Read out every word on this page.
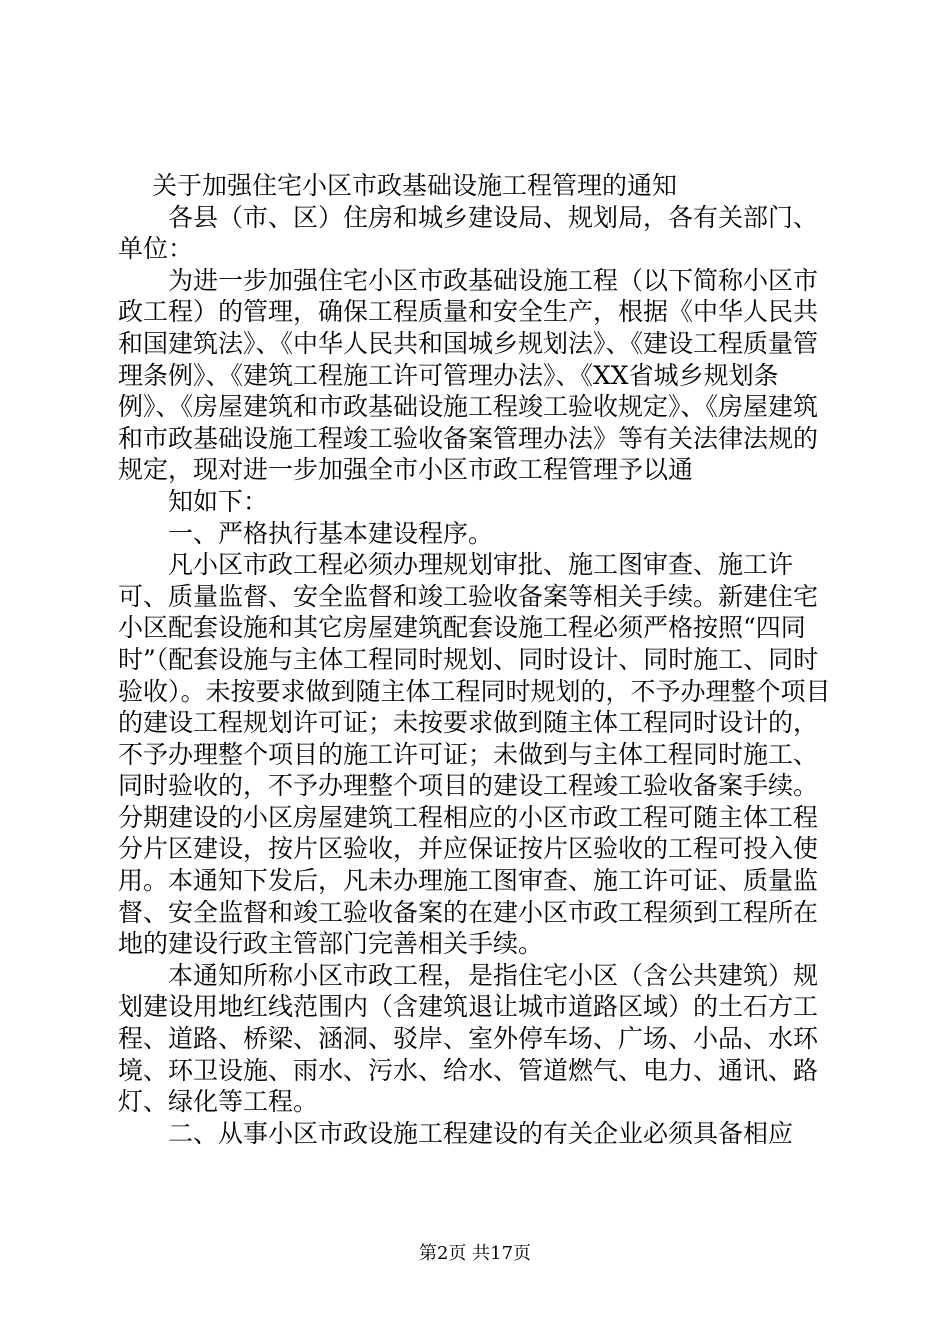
关于加强住宅小区市政基础设施工程管理的通知

各县（市、区）住房和城乡建设局、规划局，各有关部门、单位：

为进一步加强住宅小区市政基础设施工程（以下简称小区市政工程）的管理，确保工程质量和安全生产，根据《中华人民共和国建筑法》、《中华人民共和国城乡规划法》、《建设工程质量管理条例》、《建筑工程施工许可管理办法》、《XX省城乡规划条例》、《房屋建筑和市政基础设施工程竣工验收规定》、《房屋建筑和市政基础设施工程竣工验收备案管理办法》等有关法律法规的规定，现对进一步加强全市小区市政工程管理予以通

知如下：

一、严格执行基本建设程序。

凡小区市政工程必须办理规划审批、施工图审查、施工许可、质量监督、安全监督和竣工验收备案等相关手续。新建住宅小区配套设施和其它房屋建筑配套设施工程必须严格按照“四同时”（配套设施与主体工程同时规划、同时设计、同时施工、同时验收）。未按要求做到随主体工程同时规划的，不予办理整个项目的建设工程规划许可证；未按要求做到随主体工程同时设计的，不予办理整个项目的施工许可证；未做到与主体工程同时施工、同时验收的，不予办理整个项目的建设工程竣工验收备案手续。分期建设的小区房屋建筑工程相应的小区市政工程可随主体工程分片区建设，按片区验收，并应保证按片区验收的工程可投入使用。本通知下发后，凡未办理施工图审查、施工许可证、质量监督、安全监督和竣工验收备案的在建小区市政工程须到工程所在地的建设行政主管部门完善相关手续。

本通知所称小区市政工程，是指住宅小区（含公共建筑）规划建设用地红线范围内（含建筑退让城市道路区域）的土石方工程、道路、桥梁、涵洞、驳岸、室外停车场、广场、小品、水环境、环卫设施、雨水、污水、给水、管道燃气、电力、通讯、路灯、绿化等工程。

二、从事小区市政设施工程建设的有关企业必须具备相应

第2页 共17页
